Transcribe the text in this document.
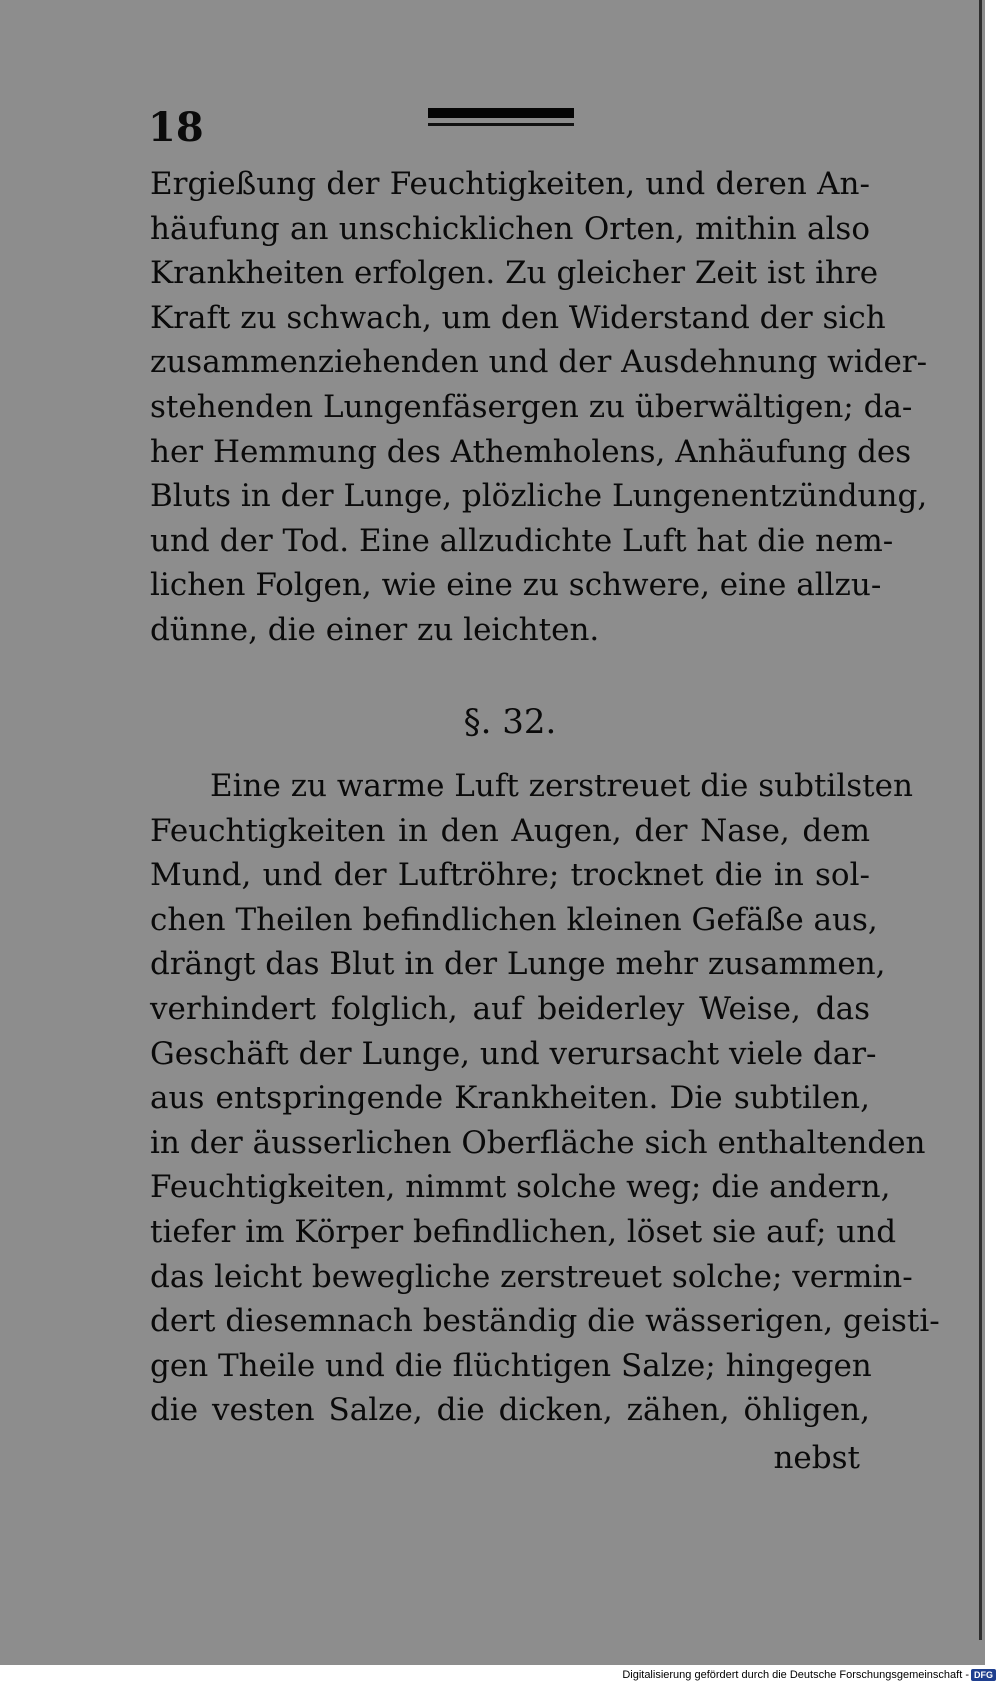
18
Ergießung der Feuchtigkeiten, und deren An-
häufung an unschicklichen Orten, mithin also
Krankheiten erfolgen. Zu gleicher Zeit ist ihre
Kraft zu schwach, um den Widerstand der sich
zusammenziehenden und der Ausdehnung wider-
stehenden Lungenfäsergen zu überwältigen; da-
her Hemmung des Athemholens, Anhäufung des
Bluts in der Lunge, plözliche Lungenentzündung,
und der Tod. Eine allzudichte Luft hat die nem-
lichen Folgen, wie eine zu schwere, eine allzu-
dünne, die einer zu leichten.
§. 32.
Eine zu warme Luft zerstreuet die subtilsten
Feuchtigkeiten in den Augen, der Nase, dem
Mund, und der Luftröhre; trocknet die in sol-
chen Theilen befindlichen kleinen Gefäße aus,
drängt das Blut in der Lunge mehr zusammen,
verhindert folglich, auf beiderley Weise, das
Geschäft der Lunge, und verursacht viele dar-
aus entspringende Krankheiten. Die subtilen,
in der äusserlichen Oberfläche sich enthaltenden
Feuchtigkeiten, nimmt solche weg; die andern,
tiefer im Körper befindlichen, löset sie auf; und
das leicht bewegliche zerstreuet solche; vermin-
dert diesemnach beständig die wässerigen, geisti-
gen Theile und die flüchtigen Salze; hingegen
die vesten Salze, die dicken, zähen, öhligen,
nebst
Digitalisierung gefördert durch die Deutsche Forschungsgemeinschaft - DFG
